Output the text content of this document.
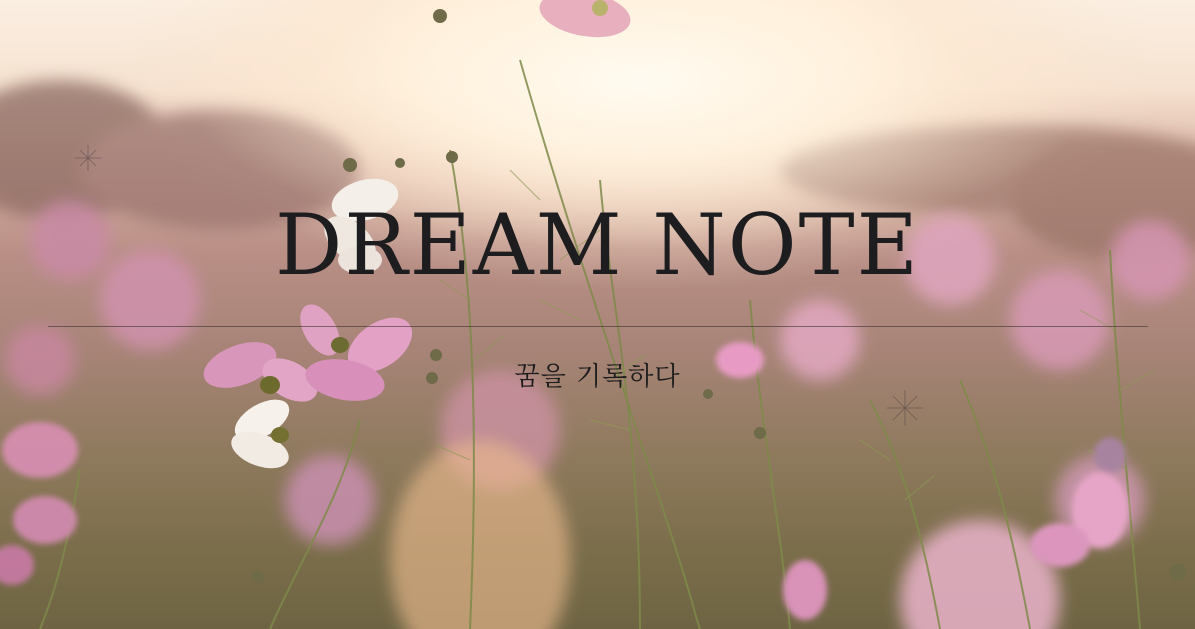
DREAM NOTE
꿈을 기록하다
